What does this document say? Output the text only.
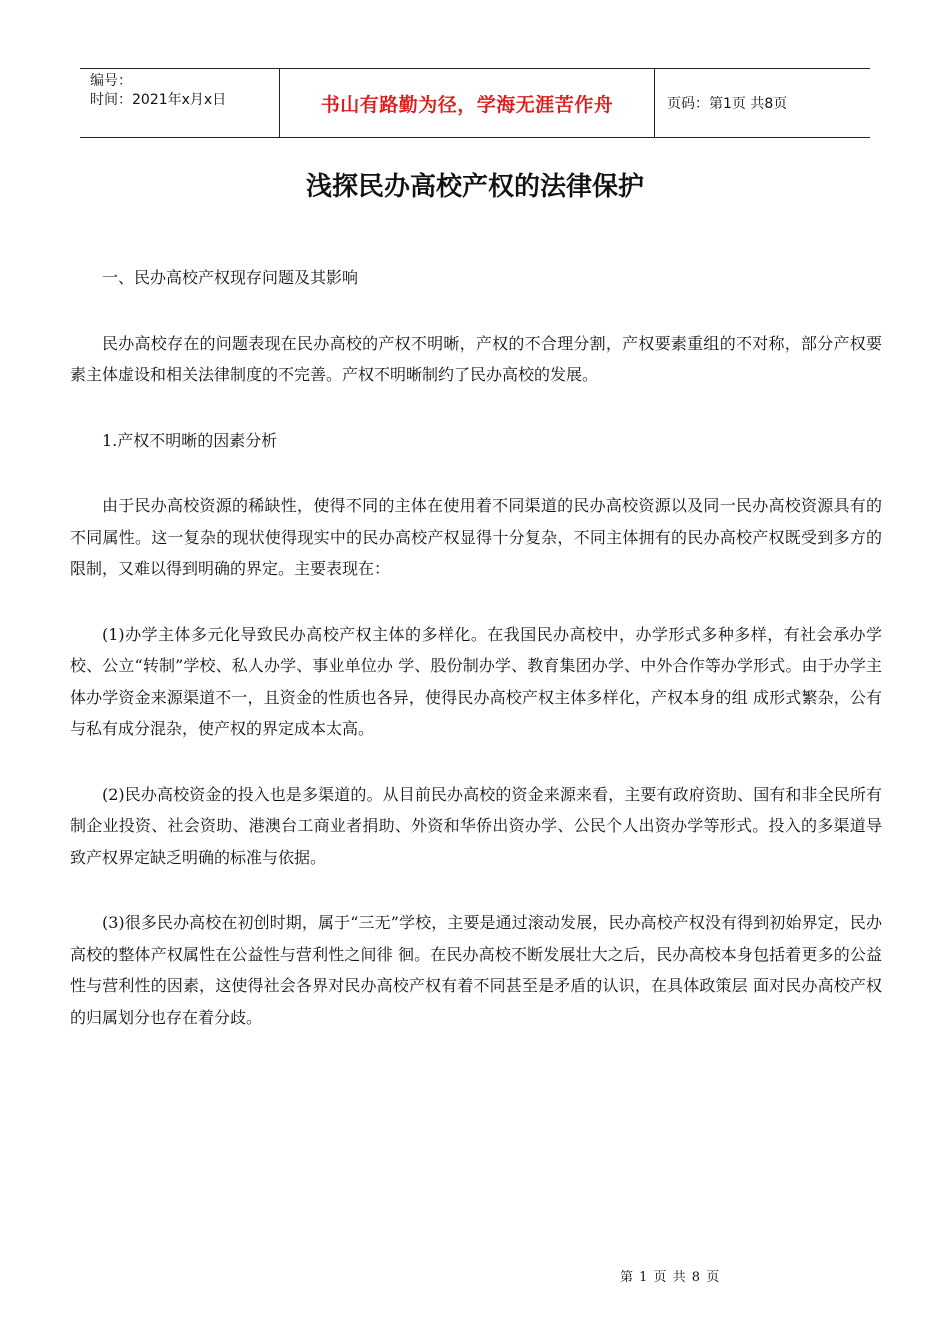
编号：
时间：2021年x月x日	书山有路勤为径，学海无涯苦作舟	页码：第1页 共8页
浅探民办高校产权的法律保护

一、民办高校产权现存问题及其影响

民办高校存在的问题表现在民办高校的产权不明晰，产权的不合理分割，产权要素重组的不对称，部分产权要素主体虚设和相关法律制度的不完善。产权不明晰制约了民办高校的发展。

1.产权不明晰的因素分析

由于民办高校资源的稀缺性，使得不同的主体在使用着不同渠道的民办高校资源以及同一民办高校资源具有的不同属性。这一复杂的现状使得现实中的民办高校产权显得十分复杂，不同主体拥有的民办高校产权既受到多方的限制，又难以得到明确的界定。主要表现在：

(1)办学主体多元化导致民办高校产权主体的多样化。在我国民办高校中，办学形式多种多样，有社会承办学校、公立“转制”学校、私人办学、事业单位办 学、股份制办学、教育集团办学、中外合作等办学形式。由于办学主体办学资金来源渠道不一，且资金的性质也各异，使得民办高校产权主体多样化，产权本身的组 成形式繁杂，公有与私有成分混杂，使产权的界定成本太高。

(2)民办高校资金的投入也是多渠道的。从目前民办高校的资金来源来看，主要有政府资助、国有和非全民所有制企业投资、社会资助、港澳台工商业者捐助、外资和华侨出资办学、公民个人出资办学等形式。投入的多渠道导致产权界定缺乏明确的标准与依据。

(3)很多民办高校在初创时期，属于“三无”学校，主要是通过滚动发展，民办高校产权没有得到初始界定，民办高校的整体产权属性在公益性与营利性之间徘 徊。在民办高校不断发展壮大之后，民办高校本身包括着更多的公益性与营利性的因素，这使得社会各界对民办高校产权有着不同甚至是矛盾的认识，在具体政策层 面对民办高校产权的归属划分也存在着分歧。

第 1 页 共 8 页
